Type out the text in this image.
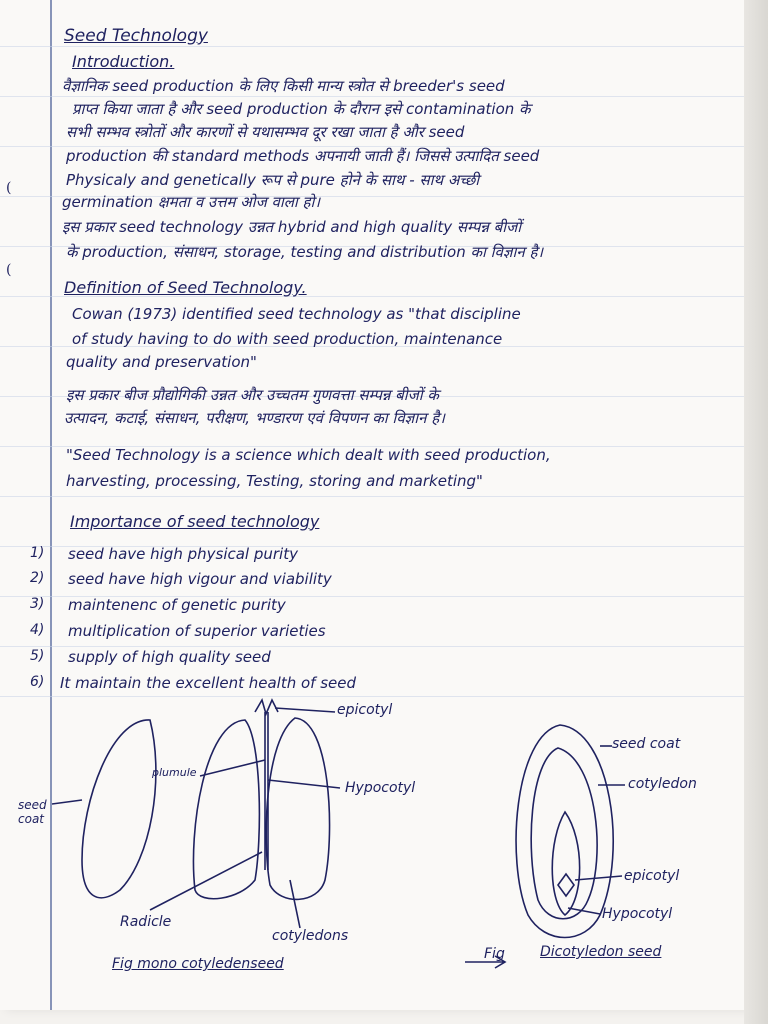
(
(
Seed Technology
Introduction.
वैज्ञानिक seed production के लिए किसी मान्य स्त्रोत से breeder's seed
प्राप्त किया जाता है और seed production के दौरान इसे contamination के
सभी सम्भव स्त्रोतों और कारणों से यथासम्भव दूर रखा जाता है और seed
production की standard methods अपनायी जाती हैं। जिससे उत्पादित seed
Physicaly and genetically रूप से pure होने के साथ - साथ अच्छी
germination क्षमता व उत्तम ओज वाला हो।
इस प्रकार seed technology उन्नत hybrid and high quality सम्पन्न बीजों
के production, संसाधन, storage, testing and distribution का विज्ञान है।
Definition of Seed Technology.
Cowan (1973) identified seed technology as "that discipline
of study having to do with seed production, maintenance
quality and preservation"
इस प्रकार बीज प्रौद्योगिकी उन्नत और उच्चतम गुणवत्ता सम्पन्न बीजों के
उत्पादन, कटाई, संसाधन, परीक्षण, भण्डारण एवं विपणन का विज्ञान है।
"Seed Technology is a science which dealt with seed production,
harvesting, processing, Testing, storing and marketing"
Importance of seed technology
1) seed have high physical purity
2) seed have high vigour and viability
3) maintenenc of genetic purity
4) multiplication of superior varieties
5) supply of high quality seed
6) It maintain the excellent health of seed
epicotyl
plumule
Hypocotyl
seed coat
Radicle
cotyledons
Fig mono cotyledenseed
seed coat
cotyledon
epicotyl
Hypocotyl
Fig	Dicotyledon seed
